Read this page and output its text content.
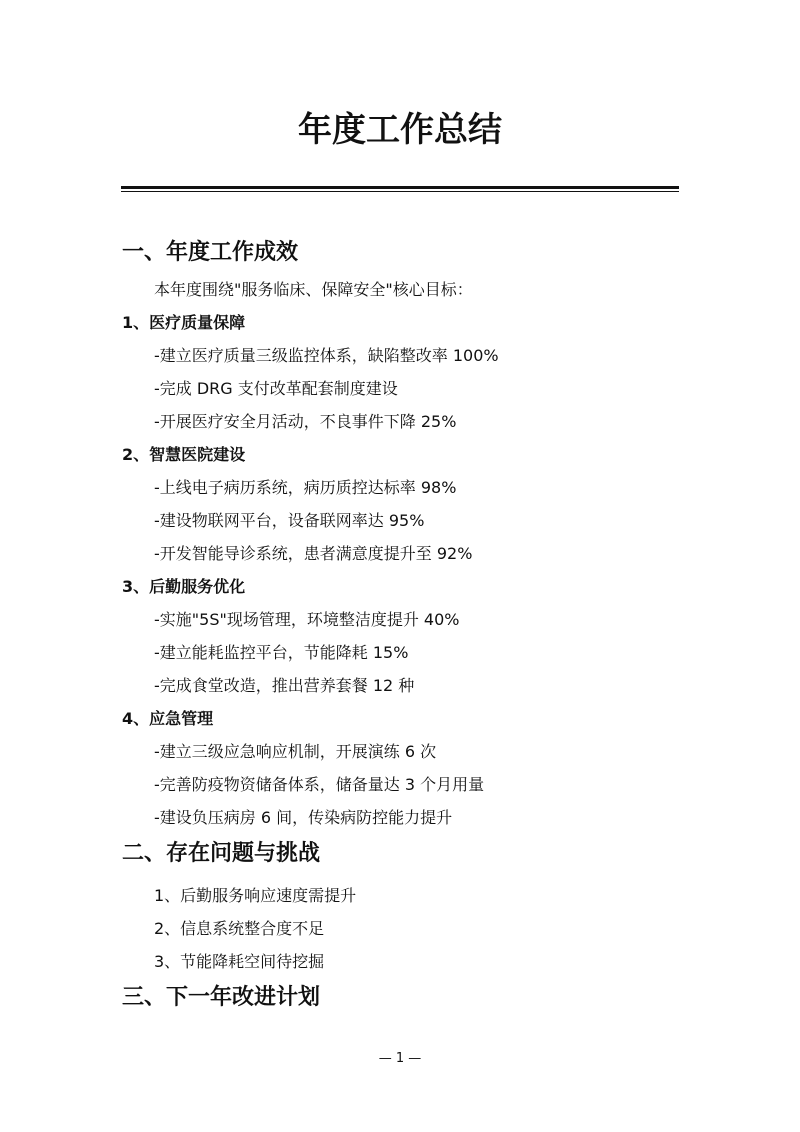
年度工作总结
一、年度工作成效
本年度围绕"服务临床、保障安全"核心目标：
1、医疗质量保障
-建立医疗质量三级监控体系，缺陷整改率 100%
-完成 DRG 支付改革配套制度建设
-开展医疗安全月活动，不良事件下降 25%
2、智慧医院建设
-上线电子病历系统，病历质控达标率 98%
-建设物联网平台，设备联网率达 95%
-开发智能导诊系统，患者满意度提升至 92%
3、后勤服务优化
-实施"5S"现场管理，环境整洁度提升 40%
-建立能耗监控平台，节能降耗 15%
-完成食堂改造，推出营养套餐 12 种
4、应急管理
-建立三级应急响应机制，开展演练 6 次
-完善防疫物资储备体系，储备量达 3 个月用量
-建设负压病房 6 间，传染病防控能力提升
二、存在问题与挑战
1、后勤服务响应速度需提升
2、信息系统整合度不足
3、节能降耗空间待挖掘
三、下一年改进计划
— 1 —
